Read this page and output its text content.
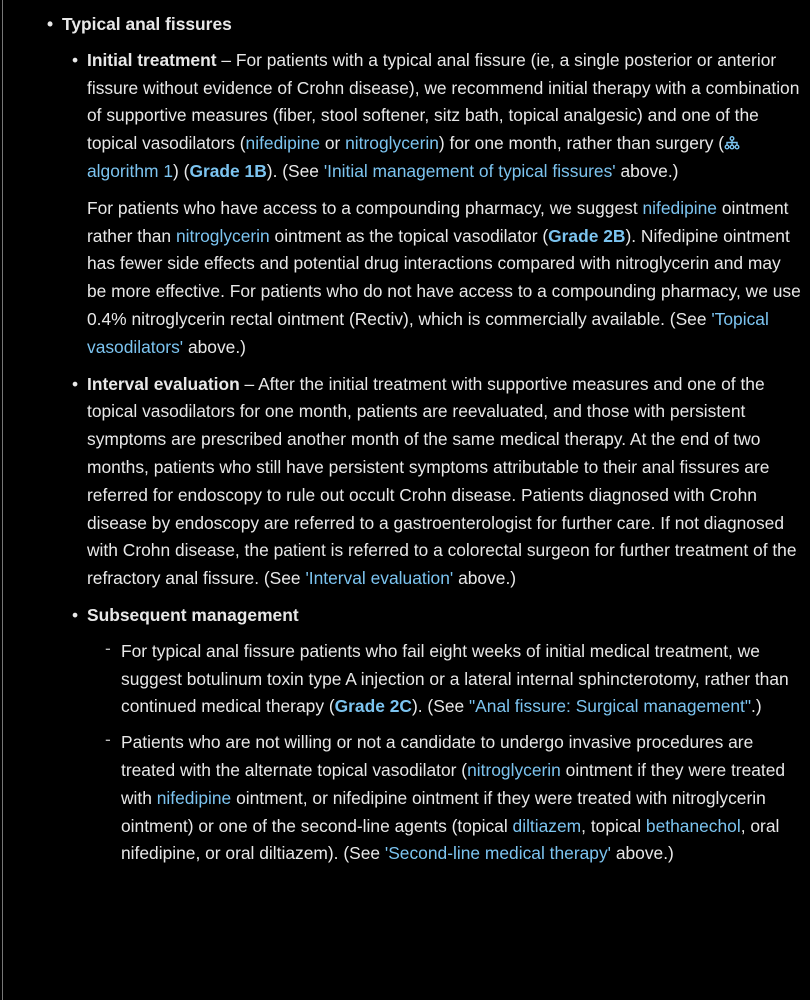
• Typical anal fissures
• Initial treatment – For patients with a typical anal fissure (ie, a single posterior or anterior fissure without evidence of Crohn disease), we recommend initial therapy with a combination of supportive measures (fiber, stool softener, sitz bath, topical analgesic) and one of the topical vasodilators (nifedipine or nitroglycerin) for one month, rather than surgery (algorithm 1) (Grade 1B). (See 'Initial management of typical fissures' above.)

For patients who have access to a compounding pharmacy, we suggest nifedipine ointment rather than nitroglycerin ointment as the topical vasodilator (Grade 2B). Nifedipine ointment has fewer side effects and potential drug interactions compared with nitroglycerin and may be more effective. For patients who do not have access to a compounding pharmacy, we use 0.4% nitroglycerin rectal ointment (Rectiv), which is commercially available. (See 'Topical vasodilators' above.)

• Interval evaluation – After the initial treatment with supportive measures and one of the topical vasodilators for one month, patients are reevaluated, and those with persistent symptoms are prescribed another month of the same medical therapy. At the end of two months, patients who still have persistent symptoms attributable to their anal fissures are referred for endoscopy to rule out occult Crohn disease. Patients diagnosed with Crohn disease by endoscopy are referred to a gastroenterologist for further care. If not diagnosed with Crohn disease, the patient is referred to a colorectal surgeon for further treatment of the refractory anal fissure. (See 'Interval evaluation' above.)

• Subsequent management

- For typical anal fissure patients who fail eight weeks of initial medical treatment, we suggest botulinum toxin type A injection or a lateral internal sphincterotomy, rather than continued medical therapy (Grade 2C). (See "Anal fissure: Surgical management".)
- Patients who are not willing or not a candidate to undergo invasive procedures are treated with the alternate topical vasodilator (nitroglycerin ointment if they were treated with nifedipine ointment, or nifedipine ointment if they were treated with nitroglycerin ointment) or one of the second-line agents (topical diltiazem, topical bethanechol, oral nifedipine, or oral diltiazem). (See 'Second-line medical therapy' above.)
